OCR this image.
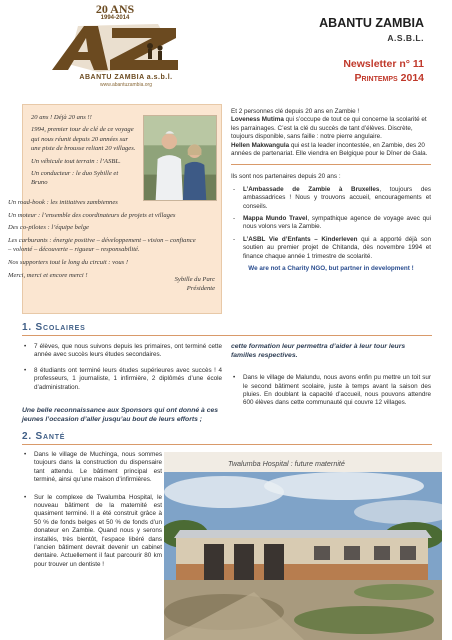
20 ANS
1994-2014
ABANTU ZAMBIA a.s.b.l.
www.abantuzambia.org
ABANTU ZAMBIA
A.S.B.L.
Newsletter n° 11
Printemps 2014

20 ans ! Déjà 20 ans !!

1994, premier tour de clé de ce voyage qui nous réunit depuis 20 années sur une piste de brousse reliant 20 villages.

Un véhicule tout terrain : l’ASBL.

Un conducteur : le duo Sybille et Bruno

Sybille du Parc
Présidente

Un road-book : les initiatives zambiennes

Un moteur : l’ensemble des coordinateurs de projets et villages

Des co-pilotes : l’équipe belge

Les carburants : énergie positive – développement – vision – confiance – volonté – découverte – rigueur – responsabilité.

Nos supporters tout le long du circuit : vous !

Merci, merci et encore merci !

Et 2 personnes clé depuis 20 ans en Zambie !

Loveness Mutima qui s’occupe de tout ce qui concerne la scolarité et les parrainages. C’est la clé du succès de tant d’élèves. Discrète, toujours disponible, sans faille : notre pierre angulaire.

Hellen Makwangula qui est la leader incontestée, en Zambie, des 20 années de partenariat. Elle viendra en Belgique pour le Dîner de Gala.

Ils sont nos partenaires depuis 20 ans :

-	L’Ambassade de Zambie à Bruxelles, toujours des ambassadrices ! Nous y trouvons accueil, encouragements et conseils.
-	Mappa Mundo Travel, sympathique agence de voyage avec qui nous volons vers la Zambie.
-	L’ASBL Vie d’Enfants – Kinderleven qui a apporté déjà son soutien au premier projet de Chitanda, dès novembre 1994 et finance chaque année 1 trimestre de scolarité.
We are not a Charity NGO, but partner in development !
1. Scolaires
•	7 élèves, que nous suivons depuis les primaires, ont terminé cette année avec succès leurs études secondaires.
•	8 étudiants ont terminé leurs études supérieures avec succès ! 4 professeurs, 1 journaliste, 1 infirmière, 2 diplômés d’une école d’administration.
Une belle reconnaissance aux Sponsors qui ont donné à ces jeunes l’occasion d’aller jusqu’au bout de leurs efforts ;
cette formation leur permettra d’aider à leur tour leurs familles respectives.
•	Dans le village de Malundu, nous avons enfin pu mettre un toit sur le second bâtiment scolaire, juste à temps avant la saison des pluies. En doublant la capacité d’accueil, nous pouvons attendre 600 élèves dans cette communauté qui couvre 12 villages.
2. Santé
•	Dans le village de Muchinga, nous sommes toujours dans la construction du dispensaire tant attendu. Le bâtiment principal est terminé, ainsi qu’une maison d’infirmières.
•	Sur le complexe de Twalumba Hospital, le nouveau bâtiment de la maternité est quasiment terminé. Il a été construit grâce à 50 % de fonds belges et 50 % de fonds d’un donateur en Zambie. Quand nous y serons installés, très bientôt, l’espace libéré dans l’ancien bâtiment devrait devenir un cabinet dentaire. Actuellement il faut parcourir 80 km pour trouver un dentiste !
Twalumba Hospital : future maternité
